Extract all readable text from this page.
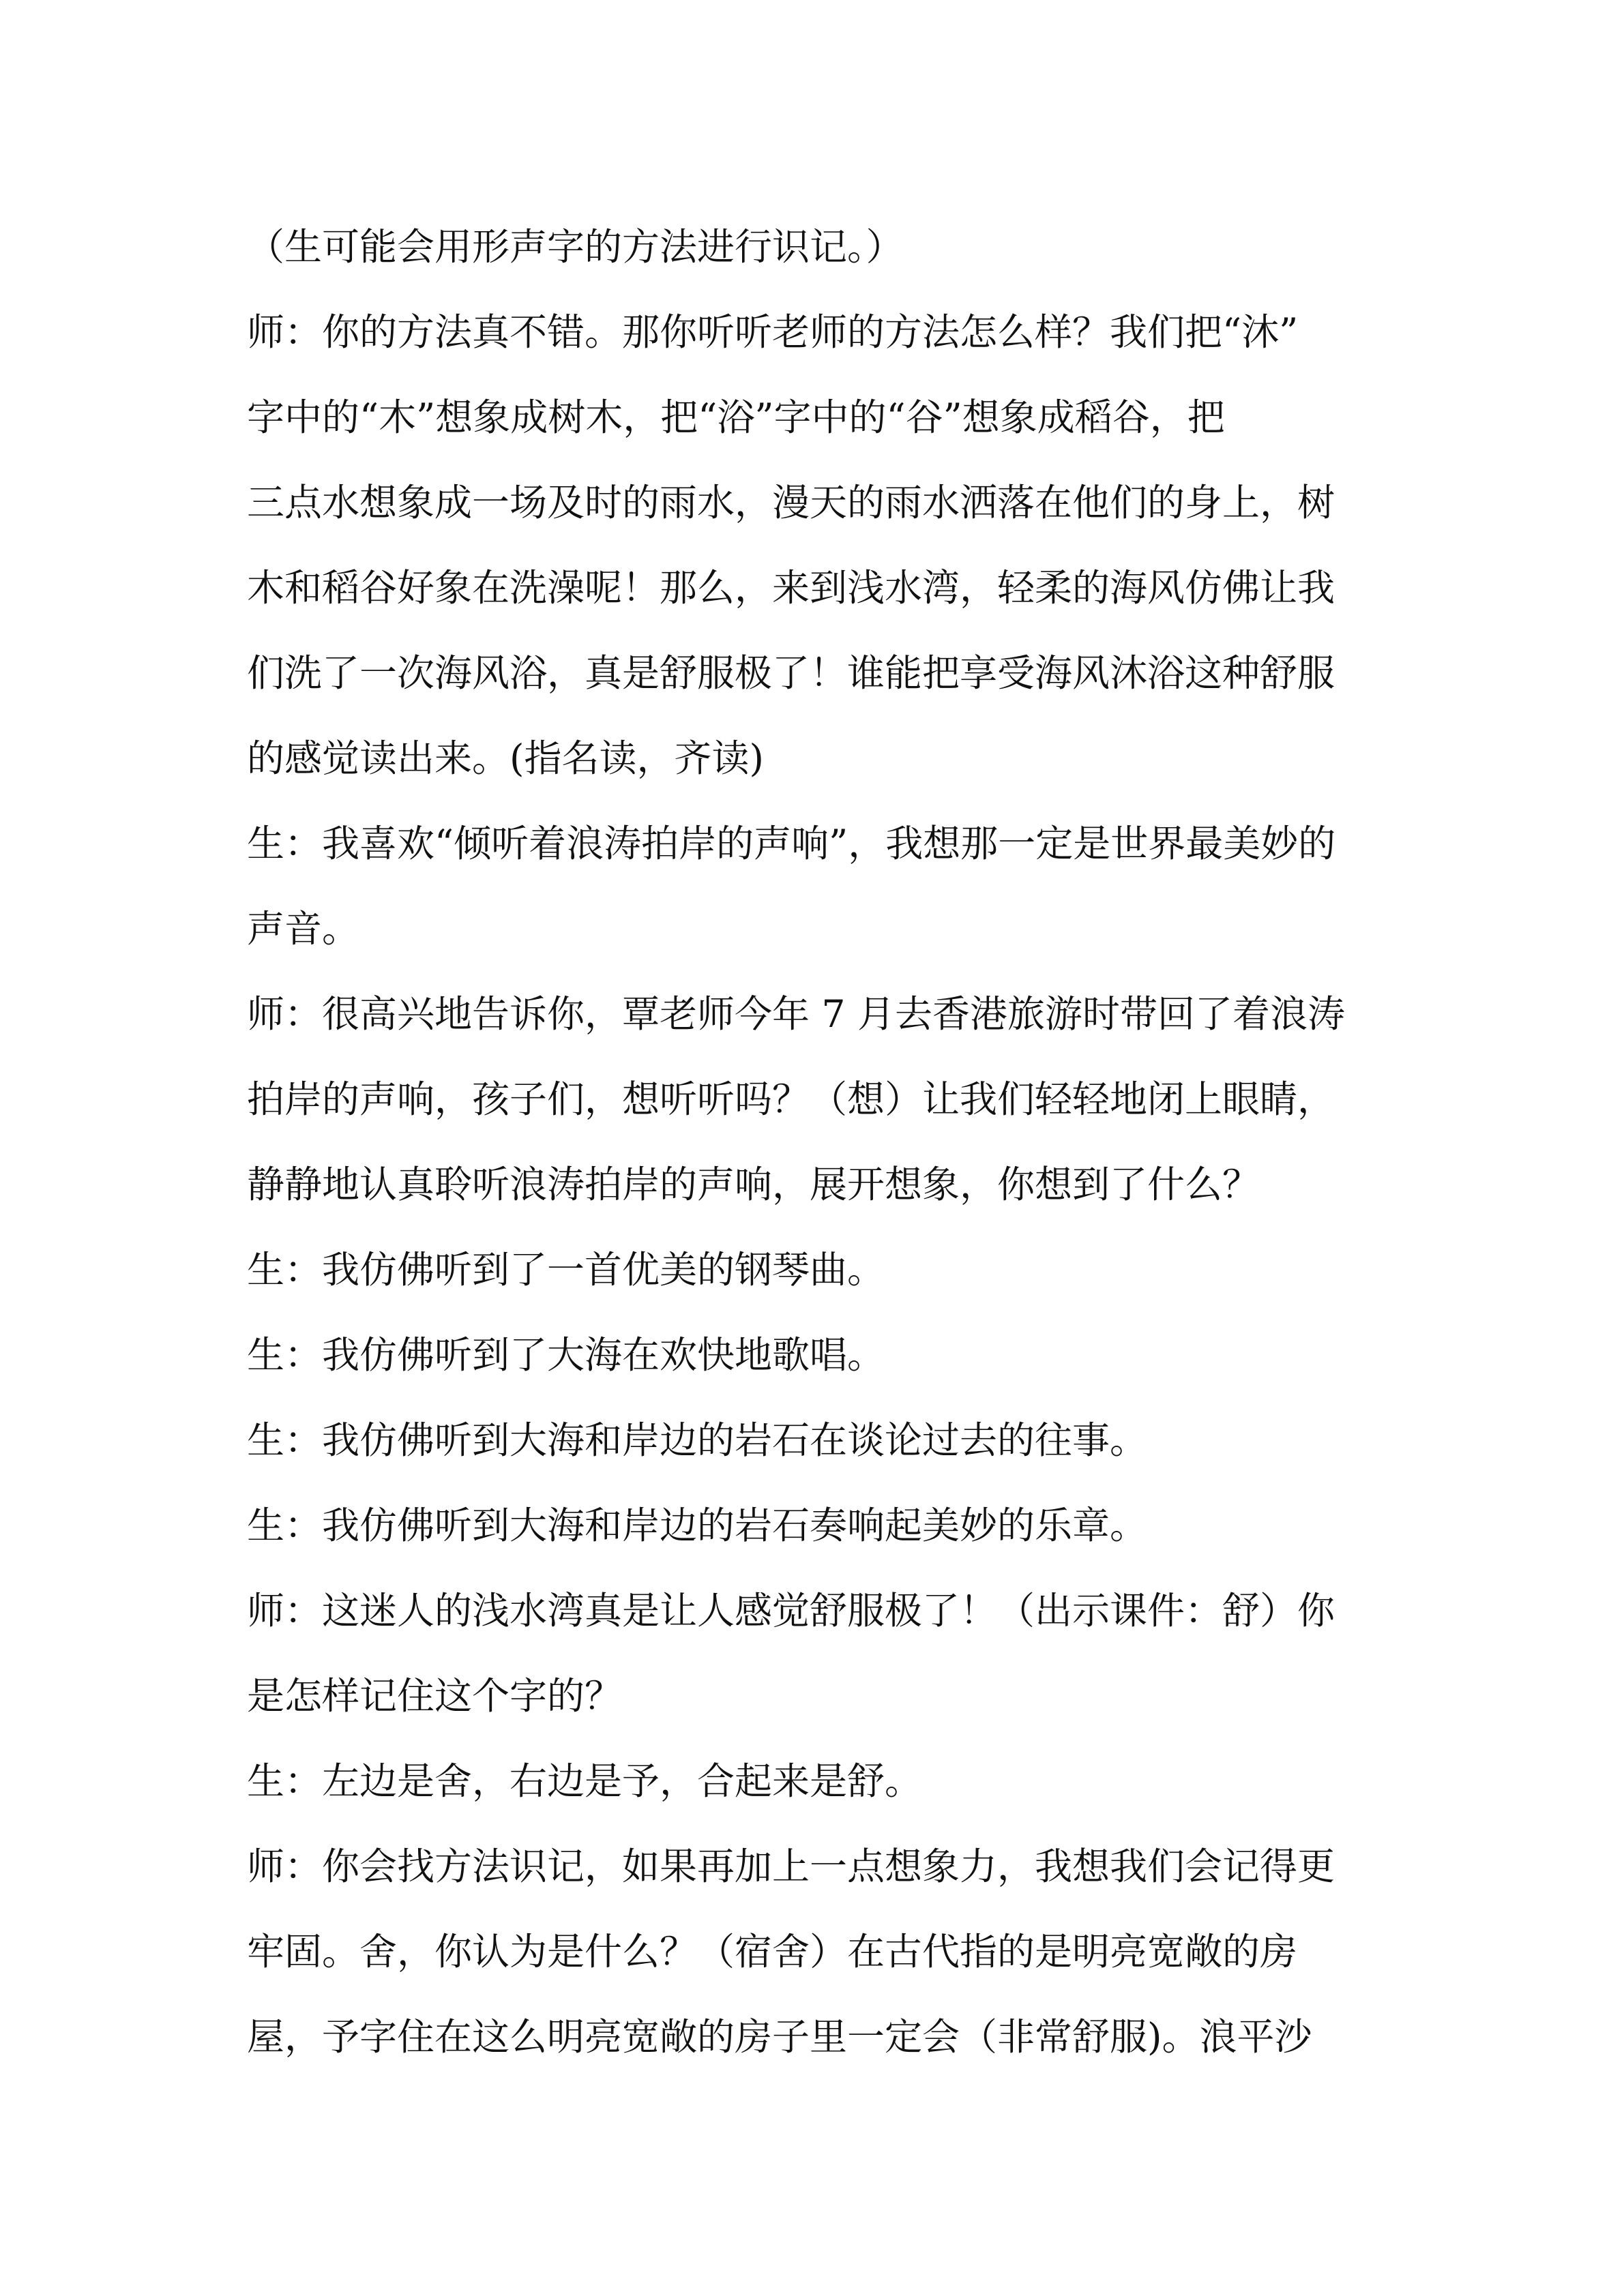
（生可能会用形声字的方法进行识记。）
师：你的方法真不错。那你听听老师的方法怎么样？我们把“沐”
字中的“木”想象成树木，把“浴”字中的“谷”想象成稻谷，把
三点水想象成一场及时的雨水，漫天的雨水洒落在他们的身上，树
木和稻谷好象在洗澡呢！那么，来到浅水湾，轻柔的海风仿佛让我
们洗了一次海风浴，真是舒服极了！谁能把享受海风沐浴这种舒服
的感觉读出来。(指名读，齐读)
生：我喜欢“倾听着浪涛拍岸的声响”，我想那一定是世界最美妙的
声音。
师：很高兴地告诉你，覃老师今年 7 月去香港旅游时带回了着浪涛
拍岸的声响，孩子们，想听听吗？（想）让我们轻轻地闭上眼睛，
静静地认真聆听浪涛拍岸的声响，展开想象，你想到了什么？
生：我仿佛听到了一首优美的钢琴曲。
生：我仿佛听到了大海在欢快地歌唱。
生：我仿佛听到大海和岸边的岩石在谈论过去的往事。
生：我仿佛听到大海和岸边的岩石奏响起美妙的乐章。
师：这迷人的浅水湾真是让人感觉舒服极了！（出示课件：舒）你
是怎样记住这个字的？
生：左边是舍，右边是予，合起来是舒。
师：你会找方法识记，如果再加上一点想象力，我想我们会记得更
牢固。舍，你认为是什么？（宿舍）在古代指的是明亮宽敞的房
屋，予字住在这么明亮宽敞的房子里一定会（非常舒服)。浪平沙
